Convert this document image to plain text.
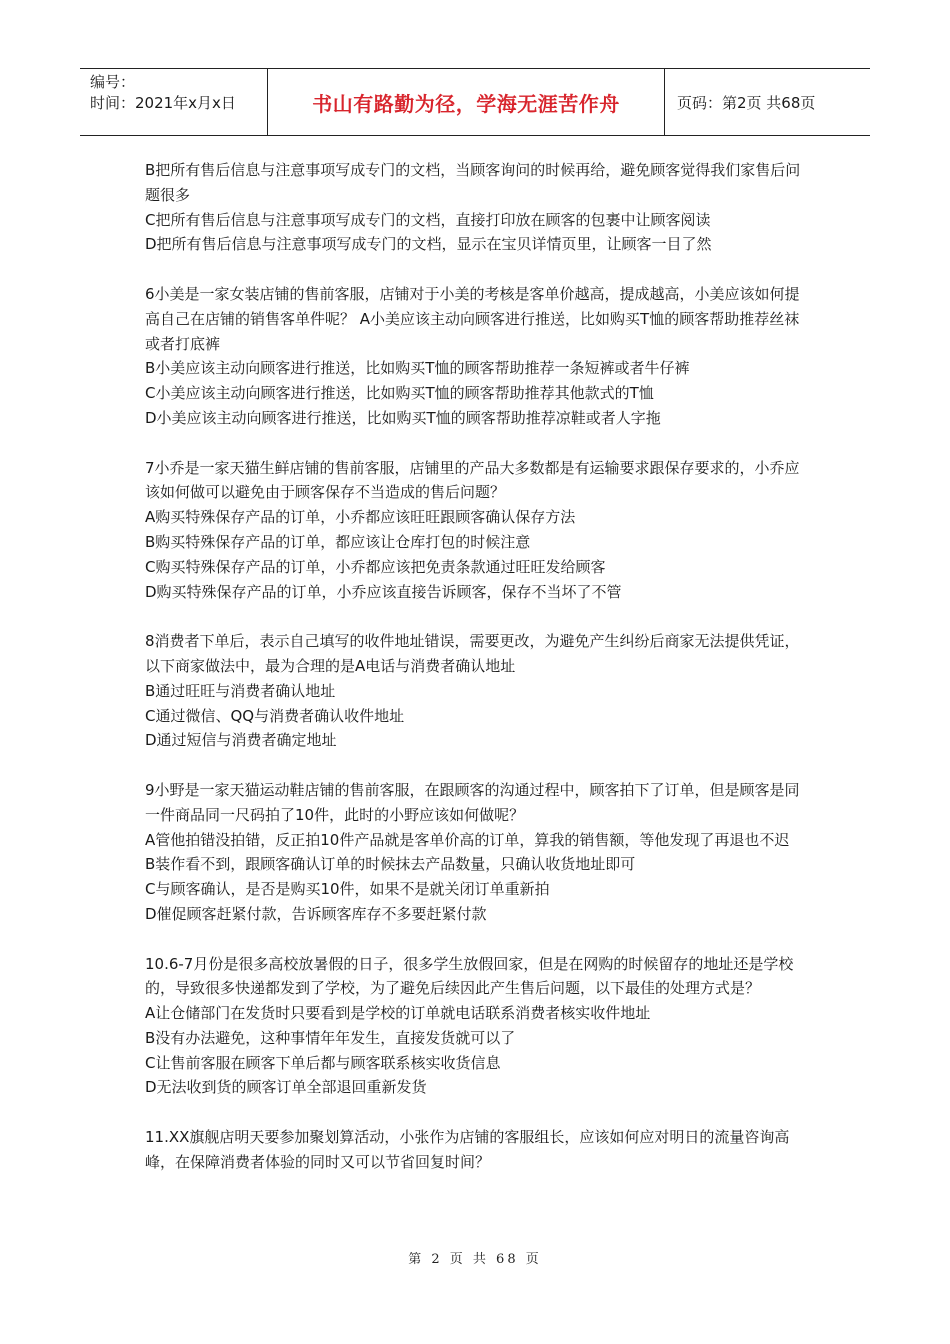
编号：
时间：2021年x月x日	书山有路勤为径，学海无涯苦作舟	页码：第2页 共68页

B把所有售后信息与注意事项写成专门的文档，当顾客询问的时候再给，避免顾客觉得我们家售后问题很多

C把所有售后信息与注意事项写成专门的文档，直接打印放在顾客的包裹中让顾客阅读

D把所有售后信息与注意事项写成专门的文档，显示在宝贝详情页里，让顾客一目了然

6小美是一家女装店铺的售前客服，店铺对于小美的考核是客单价越高，提成越高，小美应该如何提高自己在店铺的销售客单件呢？ A小美应该主动向顾客进行推送，比如购买T恤的顾客帮助推荐丝袜或者打底裤

B小美应该主动向顾客进行推送，比如购买T恤的顾客帮助推荐一条短裤或者牛仔裤

C小美应该主动向顾客进行推送，比如购买T恤的顾客帮助推荐其他款式的T恤

D小美应该主动向顾客进行推送，比如购买T恤的顾客帮助推荐凉鞋或者人字拖

7小乔是一家天猫生鲜店铺的售前客服，店铺里的产品大多数都是有运输要求跟保存要求的，小乔应该如何做可以避免由于顾客保存不当造成的售后问题？

A购买特殊保存产品的订单，小乔都应该旺旺跟顾客确认保存方法

B购买特殊保存产品的订单，都应该让仓库打包的时候注意

C购买特殊保存产品的订单，小乔都应该把免责条款通过旺旺发给顾客

D购买特殊保存产品的订单，小乔应该直接告诉顾客，保存不当坏了不管

8消费者下单后，表示自己填写的收件地址错误，需要更改，为避免产生纠纷后商家无法提供凭证，以下商家做法中，最为合理的是A电话与消费者确认地址

B通过旺旺与消费者确认地址

C通过微信、QQ与消费者确认收件地址

D通过短信与消费者确定地址

9小野是一家天猫运动鞋店铺的售前客服，在跟顾客的沟通过程中，顾客拍下了订单，但是顾客是同一件商品同一尺码拍了10件，此时的小野应该如何做呢？

A管他拍错没拍错，反正拍10件产品就是客单价高的订单，算我的销售额，等他发现了再退也不迟

B装作看不到，跟顾客确认订单的时候抹去产品数量，只确认收货地址即可

C与顾客确认，是否是购买10件，如果不是就关闭订单重新拍

D催促顾客赶紧付款，告诉顾客库存不多要赶紧付款

10.6-7月份是很多高校放暑假的日子，很多学生放假回家，但是在网购的时候留存的地址还是学校的，导致很多快递都发到了学校，为了避免后续因此产生售后问题，以下最佳的处理方式是？

A让仓储部门在发货时只要看到是学校的订单就电话联系消费者核实收件地址

B没有办法避免，这种事情年年发生，直接发货就可以了

C让售前客服在顾客下单后都与顾客联系核实收货信息

D无法收到货的顾客订单全部退回重新发货

11.XX旗舰店明天要参加聚划算活动，小张作为店铺的客服组长，应该如何应对明日的流量咨询高峰，在保障消费者体验的同时又可以节省回复时间？

第 2 页 共 68 页
